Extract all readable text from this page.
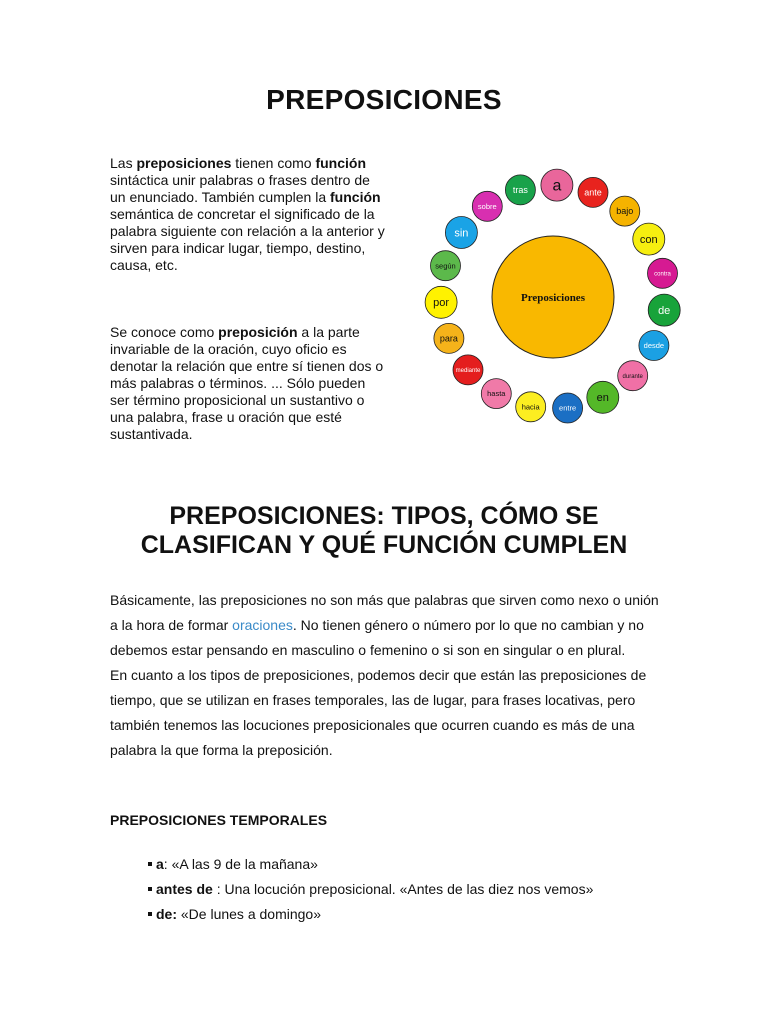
PREPOSICIONES
Las preposiciones tienen como función sintáctica unir palabras o frases dentro de un enunciado. También cumplen la función semántica de concretar el significado de la palabra siguiente con relación a la anterior y sirven para indicar lugar, tiempo, destino, causa, etc.
Se conoce como preposición a la parte invariable de la oración, cuyo oficio es denotar la relación que entre sí tienen dos o más palabras o términos. ... Sólo pueden ser término proposicional un sustantivo o una palabra, frase u oración que esté sustantivada.
Preposiciones
a	ante
bajo
con
contra
de
desde
durante
en
entre
hacia
hasta
mediante
para
por
según
sin
sobre
tras
PREPOSICIONES: TIPOS, CÓMO SE CLASIFICAN Y QUÉ FUNCIÓN CUMPLEN
Básicamente, las preposiciones no son más que palabras que sirven como nexo o unión a la hora de formar oraciones. No tienen género o número por lo que no cambian y no debemos estar pensando en masculino o femenino o si son en singular o en plural.
En cuanto a los tipos de preposiciones, podemos decir que están las preposiciones de tiempo, que se utilizan en frases temporales, las de lugar, para frases locativas, pero también tenemos las locuciones preposicionales que ocurren cuando es más de una palabra la que forma la preposición.
PREPOSICIONES TEMPORALES
a: «A las 9 de la mañana»
antes de : Una locución preposicional. «Antes de las diez nos vemos»
de: «De lunes a domingo»
